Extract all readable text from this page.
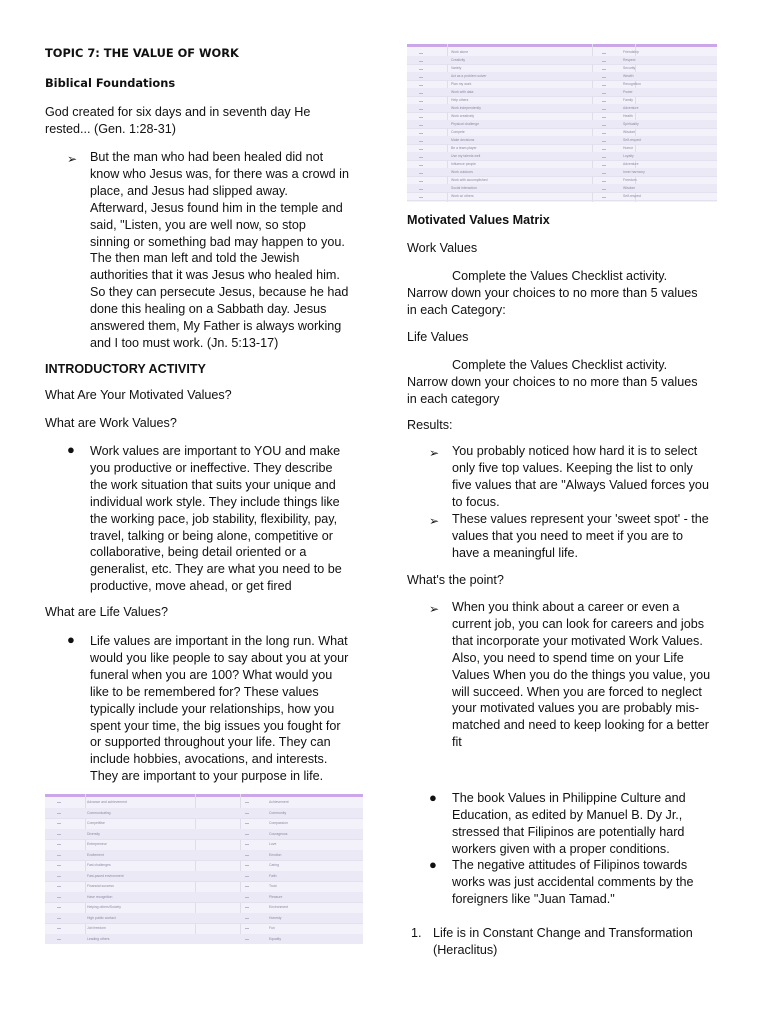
TOPIC 7: THE VALUE OF WORK
Biblical Foundations
God created for six days and in seventh day He
rested... (Gen. 1:28-31)
➢ But the man who had been healed did not
know who Jesus was, for there was a crowd in
place, and Jesus had slipped away.
Afterward, Jesus found him in the temple and
said, "Listen, you are well now, so stop
sinning or something bad may happen to you.
The then man left and told the Jewish
authorities that it was Jesus who healed him.
So they can persecute Jesus, because he had
done this healing on a Sabbath day. Jesus
answered them, My Father is always working
and I too must work. (Jn. 5:13-17)
INTRODUCTORY ACTIVITY
What Are Your Motivated Values?
What are Work Values?
● Work values are important to YOU and make
you productive or ineffective. They describe
the work situation that suits your unique and
individual work style. They include things like
the working pace, job stability, flexibility, pay,
travel, talking or being alone, competitive or
collaborative, being detail oriented or a
generalist, etc. They are what you need to be
productive, move ahead, or get fired
What are Life Values?
● Life values are important in the long run. What
would you like people to say about you at your
funeral when you are 100? What would you
like to be remembered for? These values
typically include your relationships, how you
spent your time, the big issues you fought for
or supported throughout your life. They can
include hobbies, avocations, and interests.
They are important to your purpose in life.
Advance and achievement	Achievement
Communicating	Community
Competitive	Compassion
Diversity	Courageous
Entrepreneur	Love
Excitement	Emotion
Fast challenges	Caring
Fast-paced environment	Faith
Financial success	Trust
Have recognition	Pleasure
Helping others/Society	Environment
High public contact	Honesty
Job freedom	Fun
Leading others	Equality
Work alone	Friendship
Creativity	Respect
Variety	Security
Act as a problem solver	Wealth
Plan my work	Recognition
Work with data	Power
Help others	Family
Work independently	Adventure
Work creatively	Health
Physical challenge	Spirituality
Compete	Wisdom
Make decisions	Self-respect
Be a team player	Humor
Use my talents well	Loyalty
Influence people	Adventure
Work outdoors	Inner harmony
Work with accomplished	Freedom
Social interaction	Wisdom
Work w/ others	Self-respect
Motivated Values Matrix
Work Values
Complete the Values Checklist activity.
Narrow down your choices to no more than 5 values
in each Category:
Life Values
Complete the Values Checklist activity.
Narrow down your choices to no more than 5 values
in each category
Results:
➢ You probably noticed how hard it is to select
only five top values. Keeping the list to only
five values that are "Always Valued forces you
to focus.
➢ These values represent your 'sweet spot' - the
values that you need to meet if you are to
have a meaningful life.
What's the point?
➢ When you think about a career or even a
current job, you can look for careers and jobs
that incorporate your motivated Work Values.
Also, you need to spend time on your Life
Values When you do the things you value, you
will succeed. When you are forced to neglect
your motivated values you are probably mis-
matched and need to keep looking for a better
fit
● The book Values in Philippine Culture and
Education, as edited by Manuel B. Dy Jr.,
stressed that Filipinos are potentially hard
workers given with a proper conditions.
● The negative attitudes of Filipinos towards
works was just accidental comments by the
foreigners like "Juan Tamad."
1. Life is in Constant Change and Transformation
(Heraclitus)
